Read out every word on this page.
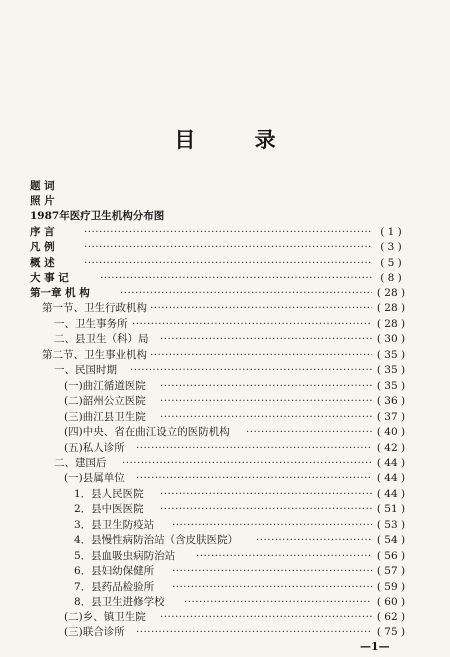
目 录
题 词
照 片
1987年医疗卫生机构分布图
序 言 ·····	( 1 )
凡 例 ·····	( 3 )
概 述 ·····	( 5 )
大 事 记 ·····	( 8 )
第一章 机 构 ·····	( 28 )
第一节、卫生行政机构 ·····	( 28 )
一、卫生事务所 ·····	( 28 )
二、县卫生（科）局 ·····	( 30 )
第二节、卫生事业机构 ·····	( 35 )
一、民国时期 ·····	( 35 )
(一)曲江循道医院 ·····	( 35 )
(二)韶州公立医院 ·····	( 36 )
(三)曲江县卫生院 ·····	( 37 )
(四)中央、省在曲江设立的医防机构 ·····	( 40 )
(五)私人诊所 ·····	( 42 )
二、建国后 ·····	( 44 )
(一)县属单位 ·····	( 44 )
1．县人民医院 ·····	( 44 )
2．县中医医院 ·····	( 51 )
3．县卫生防疫站 ·····	( 53 )
4．县慢性病防治站（含皮肤医院） ·····	( 54 )
5．县血吸虫病防治站 ·····	( 56 )
6．县妇幼保健所 ·····	( 57 )
7．县药品检验所 ·····	( 59 )
8．县卫生进修学校 ·····	( 60 )
(二)乡、镇卫生院 ·····	( 62 )
(三)联合诊所 ·····	( 75 )
—1—
